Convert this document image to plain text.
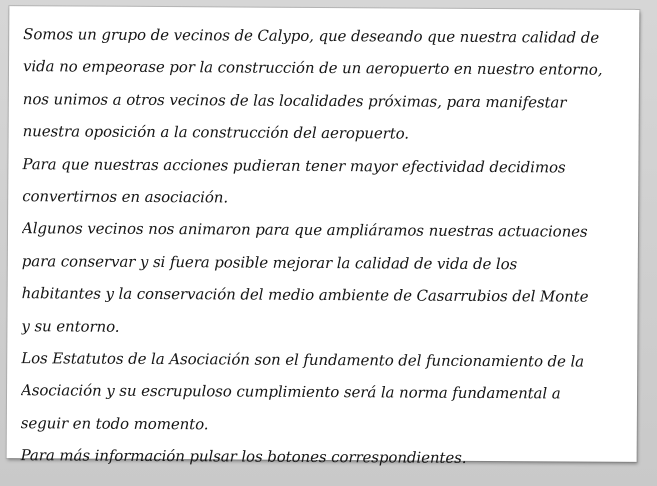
Somos un grupo de vecinos de Calypo, que deseando que nuestra calidad de
vida no empeorase por la construcción de un aeropuerto en nuestro entorno,
nos unimos a otros vecinos de las localidades próximas, para manifestar
nuestra oposición a la construcción del aeropuerto.
Para que nuestras acciones pudieran tener mayor efectividad decidimos
convertirnos en asociación.
Algunos vecinos nos animaron para que ampliáramos nuestras actuaciones
para conservar y si fuera posible mejorar la calidad de vida de los
habitantes y la conservación del medio ambiente de Casarrubios del Monte
y su entorno.
Los Estatutos de la Asociación son el fundamento del funcionamiento de la
Asociación y su escrupuloso cumplimiento será la norma fundamental a
seguir en todo momento.
Para más información pulsar los botones correspondientes.
